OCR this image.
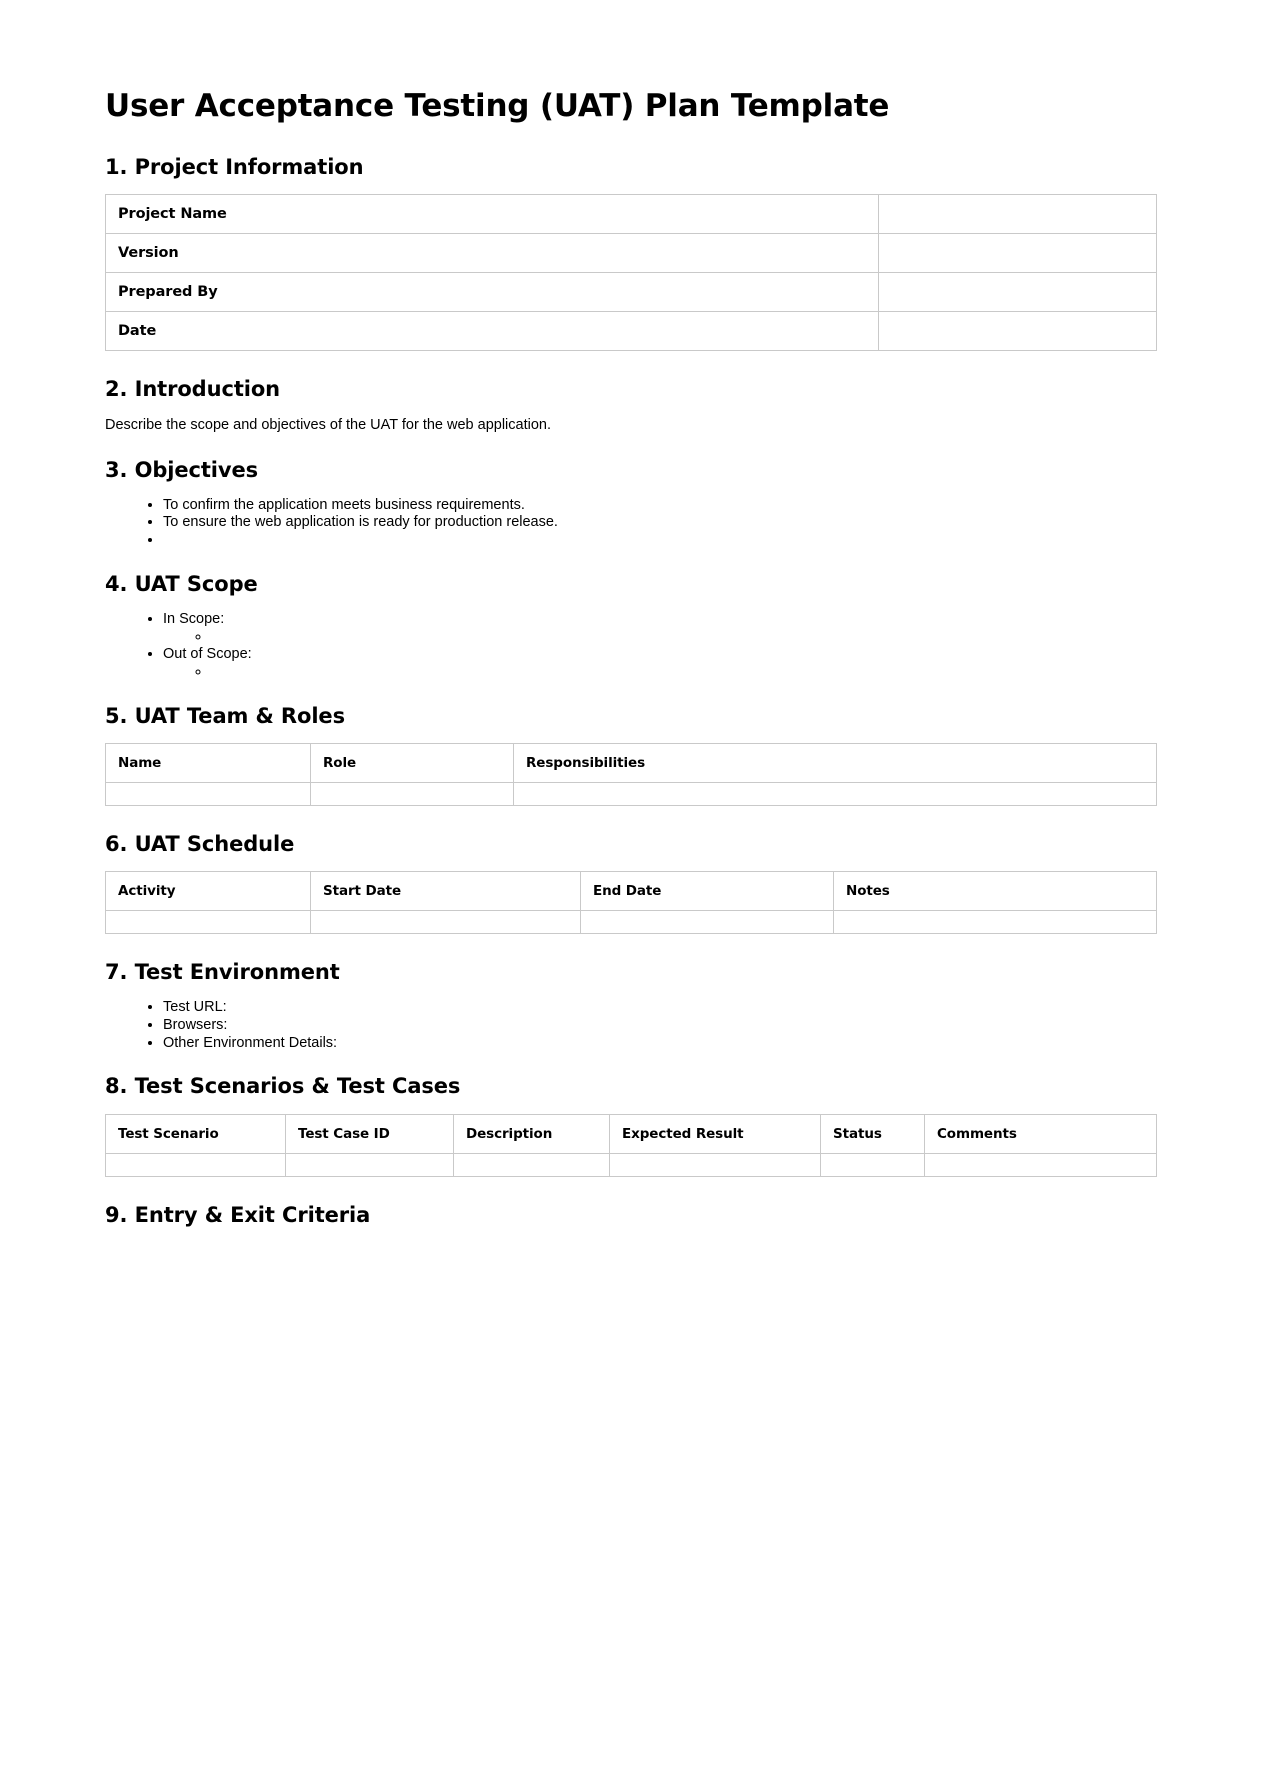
User Acceptance Testing (UAT) Plan Template
1. Project Information
Project Name	
Version	
Prepared By	
Date	
2. Introduction

Describe the scope and objectives of the UAT for the web application.

3. Objectives
• To confirm the application meets business requirements.
• To ensure the web application is ready for production release.
•
4. UAT Scope
• In Scope:
◦
• Out of Scope:
◦
5. UAT Team & Roles
Name	Role	Responsibilities

6. UAT Schedule
Activity	Start Date	End Date	Notes

7. Test Environment
• Test URL:
• Browsers:
• Other Environment Details:
8. Test Scenarios & Test Cases
Test Scenario	Test Case ID	Description	Expected Result	Status	Comments

9. Entry & Exit Criteria
